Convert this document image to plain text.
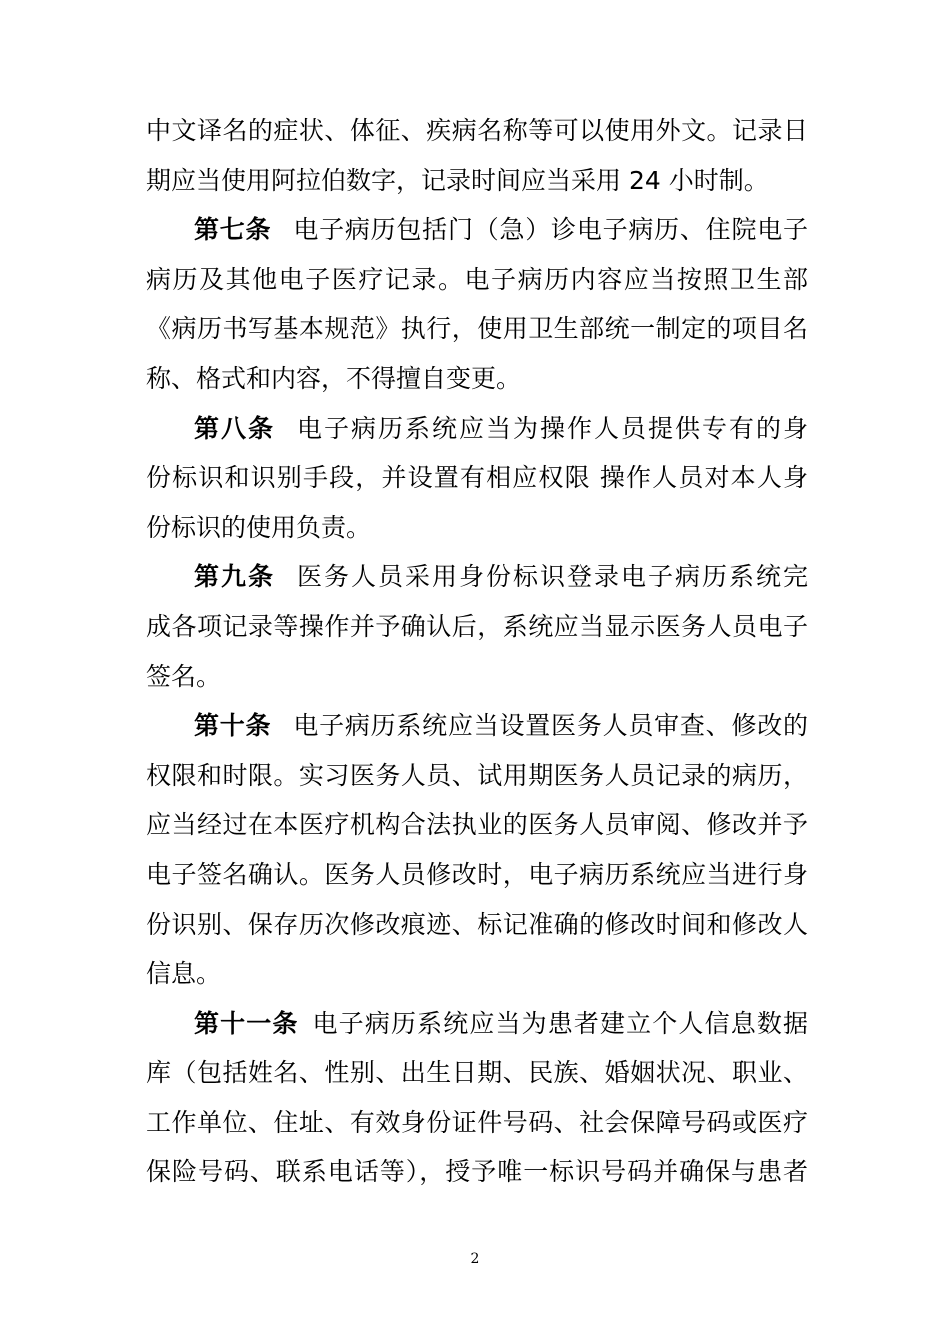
中文译名的症状、体征、疾病名称等可以使用外文。记录日
期应当使用阿拉伯数字，记录时间应当采用 24 小时制。
第七条 电子病历包括门（急）诊电子病历、住院电子
病历及其他电子医疗记录。电子病历内容应当按照卫生部
《病历书写基本规范》执行，使用卫生部统一制定的项目名
称、格式和内容，不得擅自变更。
第八条 电子病历系统应当为操作人员提供专有的身
份标识和识别手段，并设置有相应权限 操作人员对本人身
份标识的使用负责。
第九条 医务人员采用身份标识登录电子病历系统完
成各项记录等操作并予确认后，系统应当显示医务人员电子
签名。
第十条 电子病历系统应当设置医务人员审查、修改的
权限和时限。实习医务人员、试用期医务人员记录的病历，
应当经过在本医疗机构合法执业的医务人员审阅、修改并予
电子签名确认。医务人员修改时，电子病历系统应当进行身
份识别、保存历次修改痕迹、标记准确的修改时间和修改人
信息。
第十一条 电子病历系统应当为患者建立个人信息数据
库（包括姓名、性别、出生日期、民族、婚姻状况、职业、
工作单位、住址、有效身份证件号码、社会保障号码或医疗
保险号码、联系电话等），授予唯一标识号码并确保与患者
2
